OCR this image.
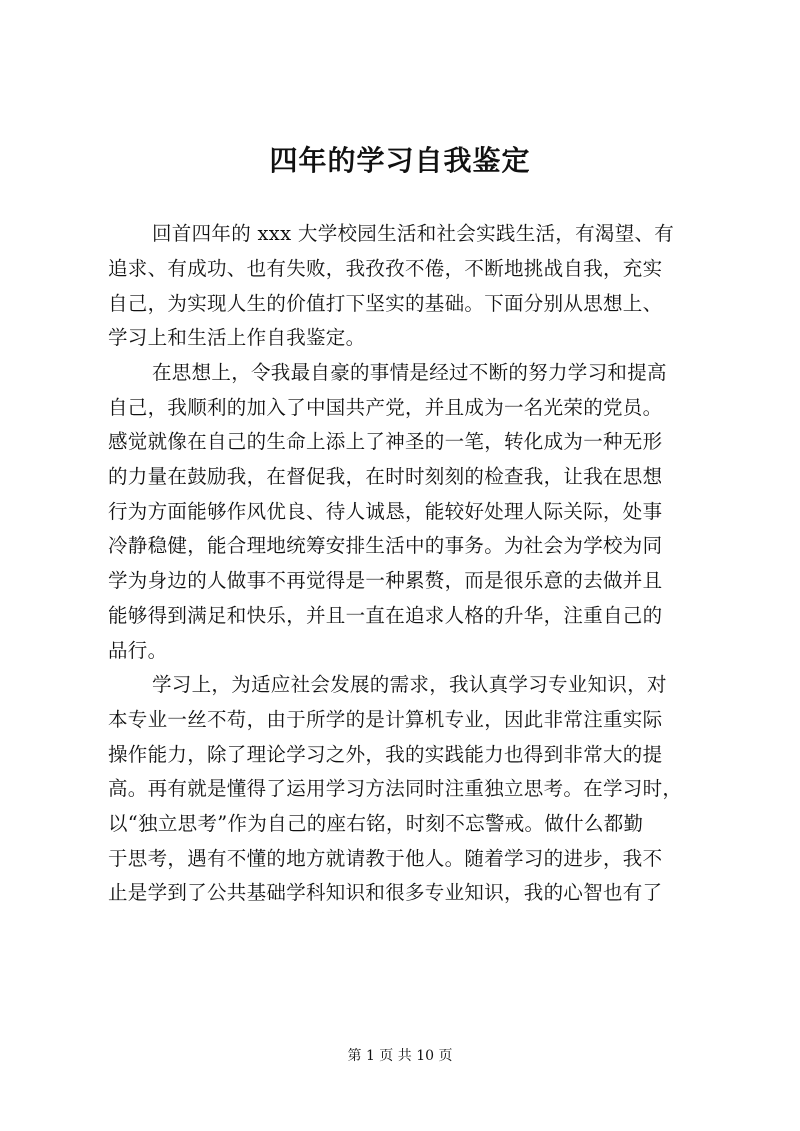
四年的学习自我鉴定
回首四年的 xxx 大学校园生活和社会实践生活，有渴望、有
追求、有成功、也有失败，我孜孜不倦，不断地挑战自我，充实
自己，为实现人生的价值打下坚实的基础。下面分别从思想上、
学习上和生活上作自我鉴定。
在思想上，令我最自豪的事情是经过不断的努力学习和提高
自己，我顺利的加入了中国共产党，并且成为一名光荣的党员。
感觉就像在自己的生命上添上了神圣的一笔，转化成为一种无形
的力量在鼓励我，在督促我，在时时刻刻的检查我，让我在思想
行为方面能够作风优良、待人诚恳，能较好处理人际关际，处事
冷静稳健，能合理地统筹安排生活中的事务。为社会为学校为同
学为身边的人做事不再觉得是一种累赘，而是很乐意的去做并且
能够得到满足和快乐，并且一直在追求人格的升华，注重自己的
品行。
学习上，为适应社会发展的需求，我认真学习专业知识，对
本专业一丝不苟，由于所学的是计算机专业，因此非常注重实际
操作能力，除了理论学习之外，我的实践能力也得到非常大的提
高。再有就是懂得了运用学习方法同时注重独立思考。在学习时，
以“独立思考”作为自己的座右铭，时刻不忘警戒。做什么都勤
于思考，遇有不懂的地方就请教于他人。随着学习的进步，我不
止是学到了公共基础学科知识和很多专业知识，我的心智也有了
第 1 页 共 10 页
